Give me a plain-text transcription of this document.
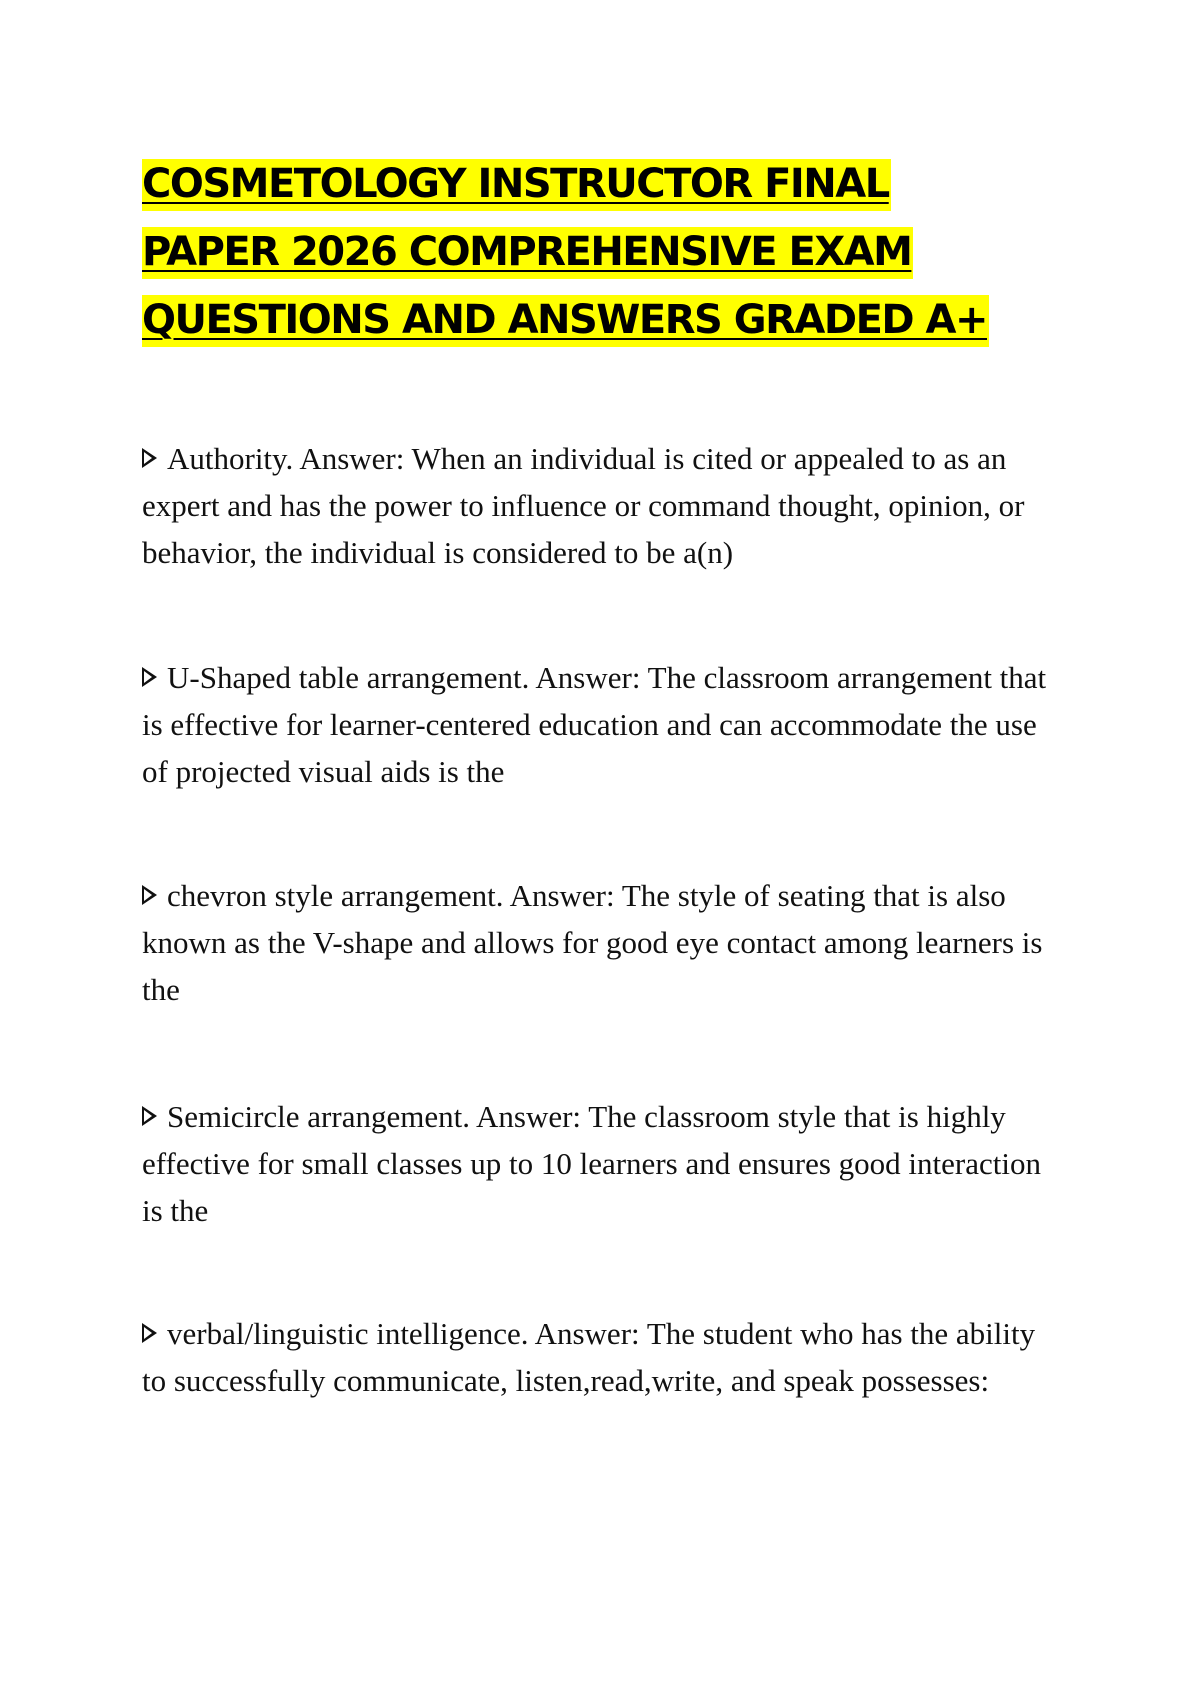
COSMETOLOGY INSTRUCTOR FINAL
PAPER 2026 COMPREHENSIVE EXAM
QUESTIONS AND ANSWERS GRADED A+

Authority. Answer: When an individual is cited or appealed to as an expert and has the power to influence or command thought, opinion, or behavior, the individual is considered to be a(n)

U-Shaped table arrangement. Answer: The classroom arrangement that is effective for learner-centered education and can accommodate the use of projected visual aids is the

chevron style arrangement. Answer: The style of seating that is also known as the V-shape and allows for good eye contact among learners is the

Semicircle arrangement. Answer: The classroom style that is highly effective for small classes up to 10 learners and ensures good interaction is the

verbal/linguistic intelligence. Answer: The student who has the ability to successfully communicate, listen,read,write, and speak possesses:
